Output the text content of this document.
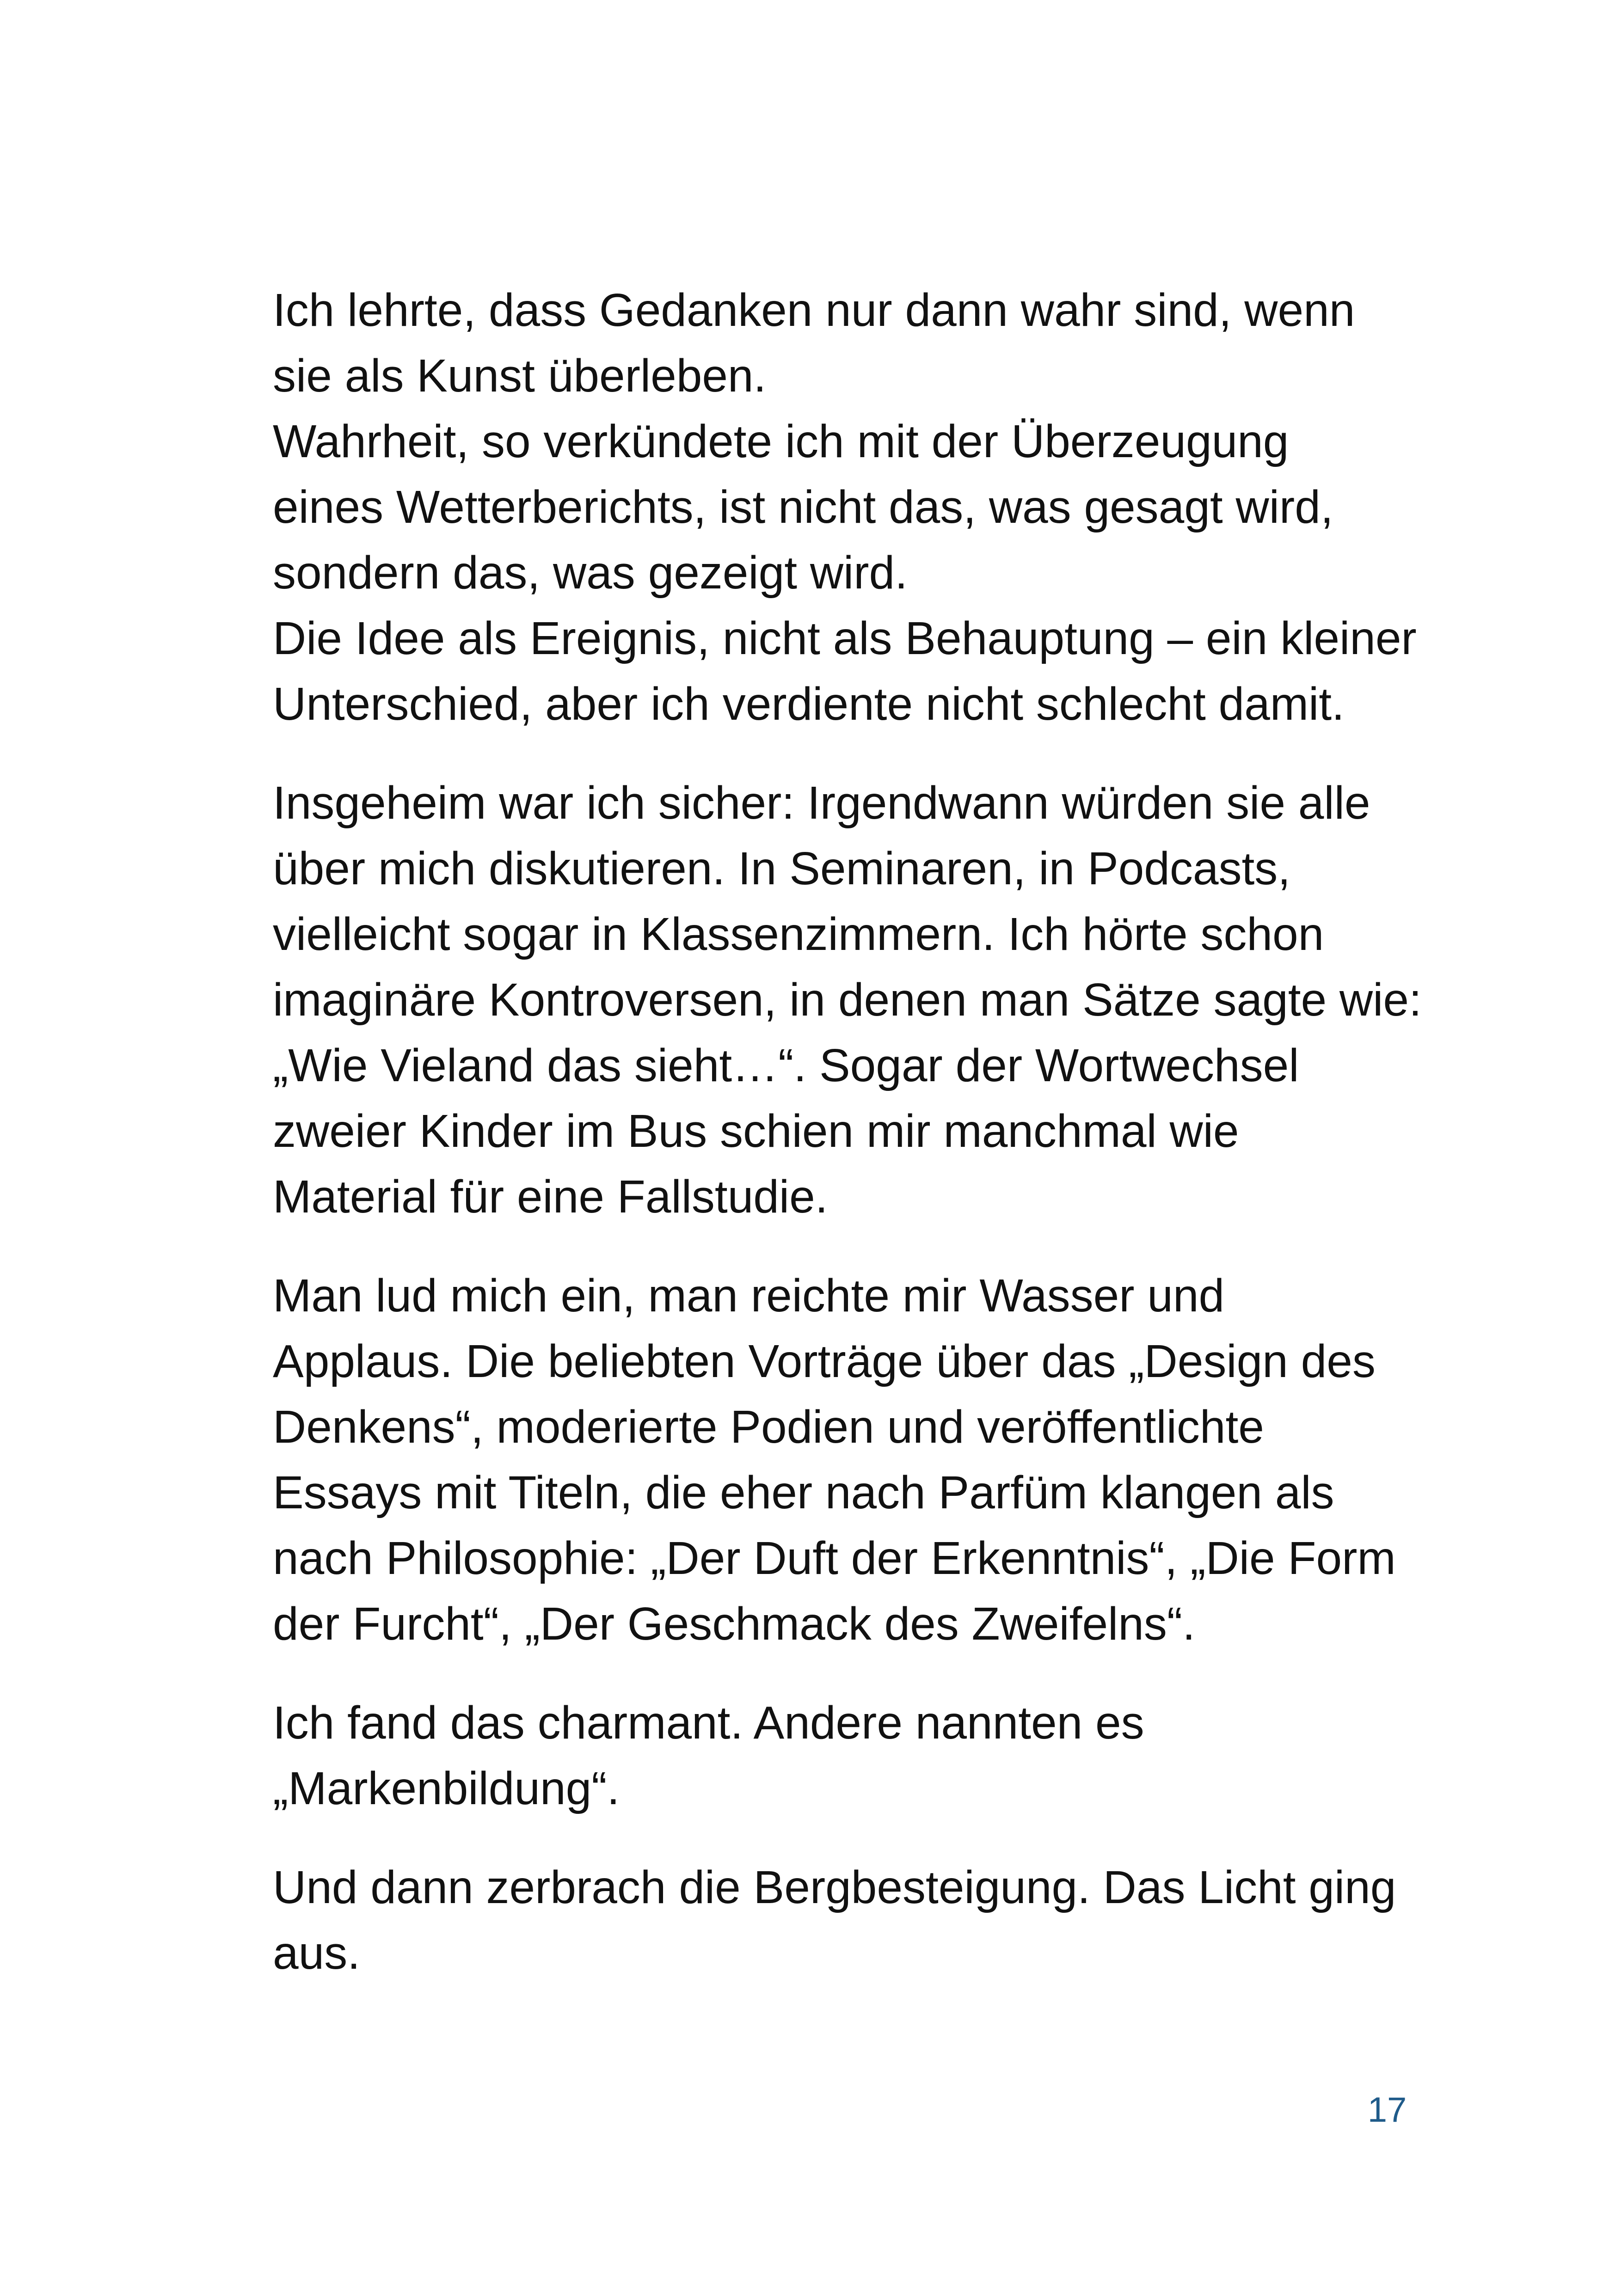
Ich lehrte, dass Gedanken nur dann wahr sind, wenn
sie als Kunst überleben.
Wahrheit, so verkündete ich mit der Überzeugung
eines Wetterberichts, ist nicht das, was gesagt wird,
sondern das, was gezeigt wird.
Die Idee als Ereignis, nicht als Behauptung – ein kleiner
Unterschied, aber ich verdiente nicht schlecht damit.

Insgeheim war ich sicher: Irgendwann würden sie alle
über mich diskutieren. In Seminaren, in Podcasts,
vielleicht sogar in Klassenzimmern. Ich hörte schon
imaginäre Kontroversen, in denen man Sätze sagte wie:
„Wie Vieland das sieht…“. Sogar der Wortwechsel
zweier Kinder im Bus schien mir manchmal wie
Material für eine Fallstudie.

Man lud mich ein, man reichte mir Wasser und
Applaus. Die beliebten Vorträge über das „Design des
Denkens“, moderierte Podien und veröffentlichte
Essays mit Titeln, die eher nach Parfüm klangen als
nach Philosophie: „Der Duft der Erkenntnis“, „Die Form
der Furcht“, „Der Geschmack des Zweifelns“.

Ich fand das charmant. Andere nannten es
„Markenbildung“.

Und dann zerbrach die Bergbesteigung. Das Licht ging
aus.

17
